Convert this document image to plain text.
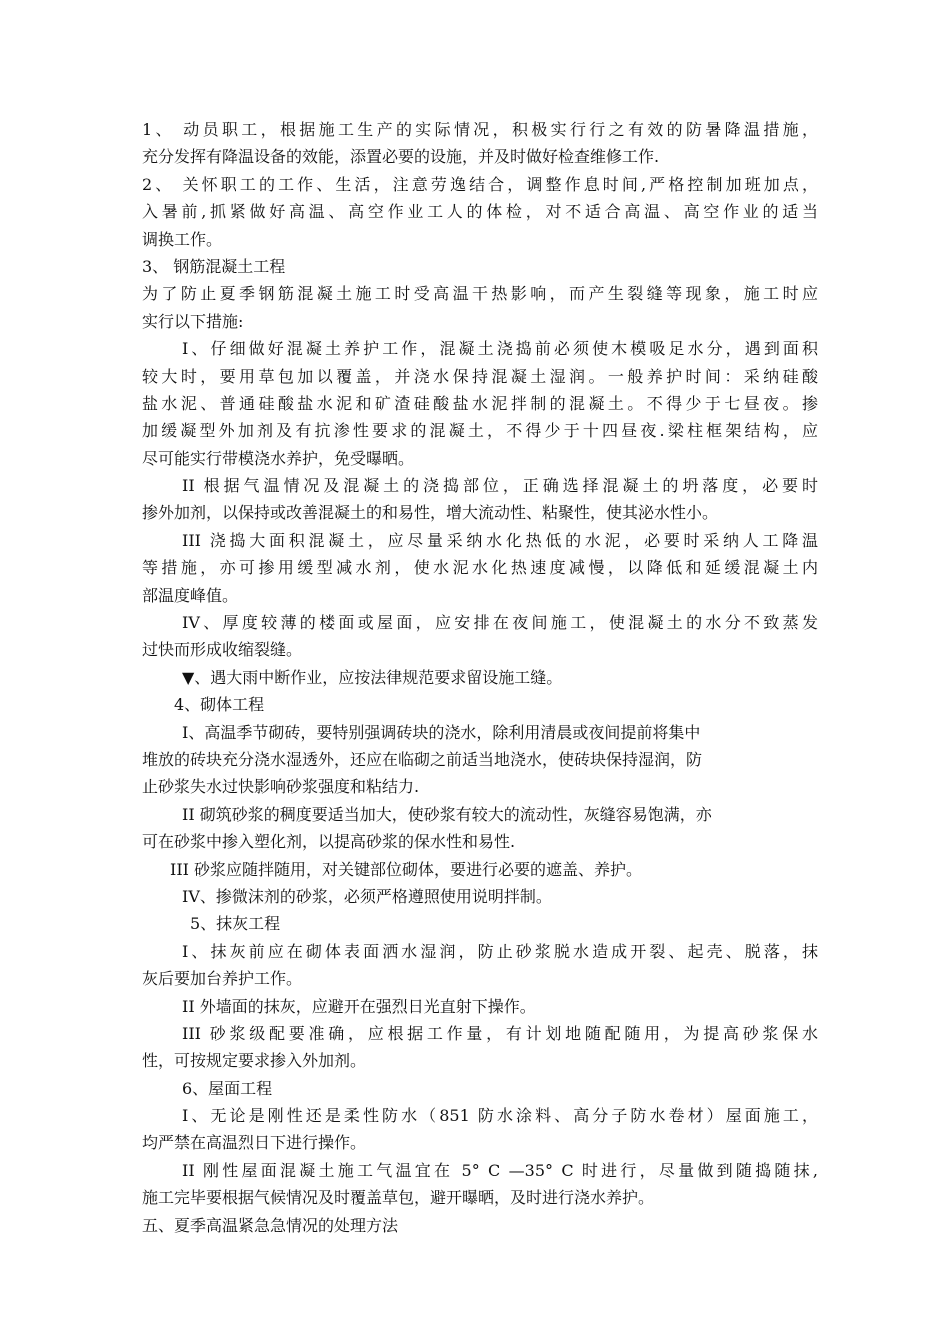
1、 动员职工，根据施工生产的实际情况，积极实行行之有效的防暑降温措施，
充分发挥有降温设备的效能，添置必要的设施，并及时做好检查维修工作.
2、 关怀职工的工作、生活，注意劳逸结合，调整作息时间,严格控制加班加点，
入暑前,抓紧做好高温、高空作业工人的体检，对不适合高温、高空作业的适当
调换工作。
3、 钢筋混凝土工程
为了防止夏季钢筋混凝土施工时受高温干热影响，而产生裂缝等现象，施工时应
实行以下措施:
I、仔细做好混凝土养护工作，混凝土浇捣前必须使木模吸足水分，遇到面积
较大时，要用草包加以覆盖，并浇水保持混凝土湿润。一般养护时间：采纳硅酸
盐水泥、普通硅酸盐水泥和矿渣硅酸盐水泥拌制的混凝土。不得少于七昼夜。掺
加缓凝型外加剂及有抗渗性要求的混凝土，不得少于十四昼夜.梁柱框架结构，应
尽可能实行带模浇水养护，免受曝晒。
II 根据气温情况及混凝土的浇捣部位，正确选择混凝土的坍落度，必要时
掺外加剂，以保持或改善混凝土的和易性，增大流动性、粘聚性，使其泌水性小。
III 浇捣大面积混凝土，应尽量采纳水化热低的水泥，必要时采纳人工降温
等措施，亦可掺用缓型减水剂，使水泥水化热速度减慢，以降低和延缓混凝土内
部温度峰值。
IV、厚度较薄的楼面或屋面，应安排在夜间施工，使混凝土的水分不致蒸发
过快而形成收缩裂缝。
▼、遇大雨中断作业，应按法律规范要求留设施工缝。
4、砌体工程
I、高温季节砌砖，要特别强调砖块的浇水，除利用清晨或夜间提前将集中
堆放的砖块充分浇水湿透外，还应在临砌之前适当地浇水，使砖块保持湿润，防
止砂浆失水过快影响砂浆强度和粘结力.
II 砌筑砂浆的稠度要适当加大，使砂浆有较大的流动性，灰缝容易饱满，亦
可在砂浆中掺入塑化剂，以提高砂浆的保水性和易性.
III 砂浆应随拌随用，对关键部位砌体，要进行必要的遮盖、养护。
IV、掺微沫剂的砂浆，必须严格遵照使用说明拌制。
5、抹灰工程
I、抹灰前应在砌体表面洒水湿润，防止砂浆脱水造成开裂、起壳、脱落，抹
灰后要加台养护工作。
II 外墙面的抹灰，应避开在强烈日光直射下操作。
III 砂浆级配要准确，应根据工作量，有计划地随配随用，为提高砂浆保水
性，可按规定要求掺入外加剂。
6、屋面工程
I、无论是刚性还是柔性防水（851 防水涂料、高分子防水卷材）屋面施工，
均严禁在高温烈日下进行操作。
II 刚性屋面混凝土施工气温宜在 5° C —35° C 时进行，尽量做到随捣随抹,
施工完毕要根据气候情况及时覆盖草包，避开曝晒，及时进行浇水养护。
五、夏季高温紧急急情况的处理方法
